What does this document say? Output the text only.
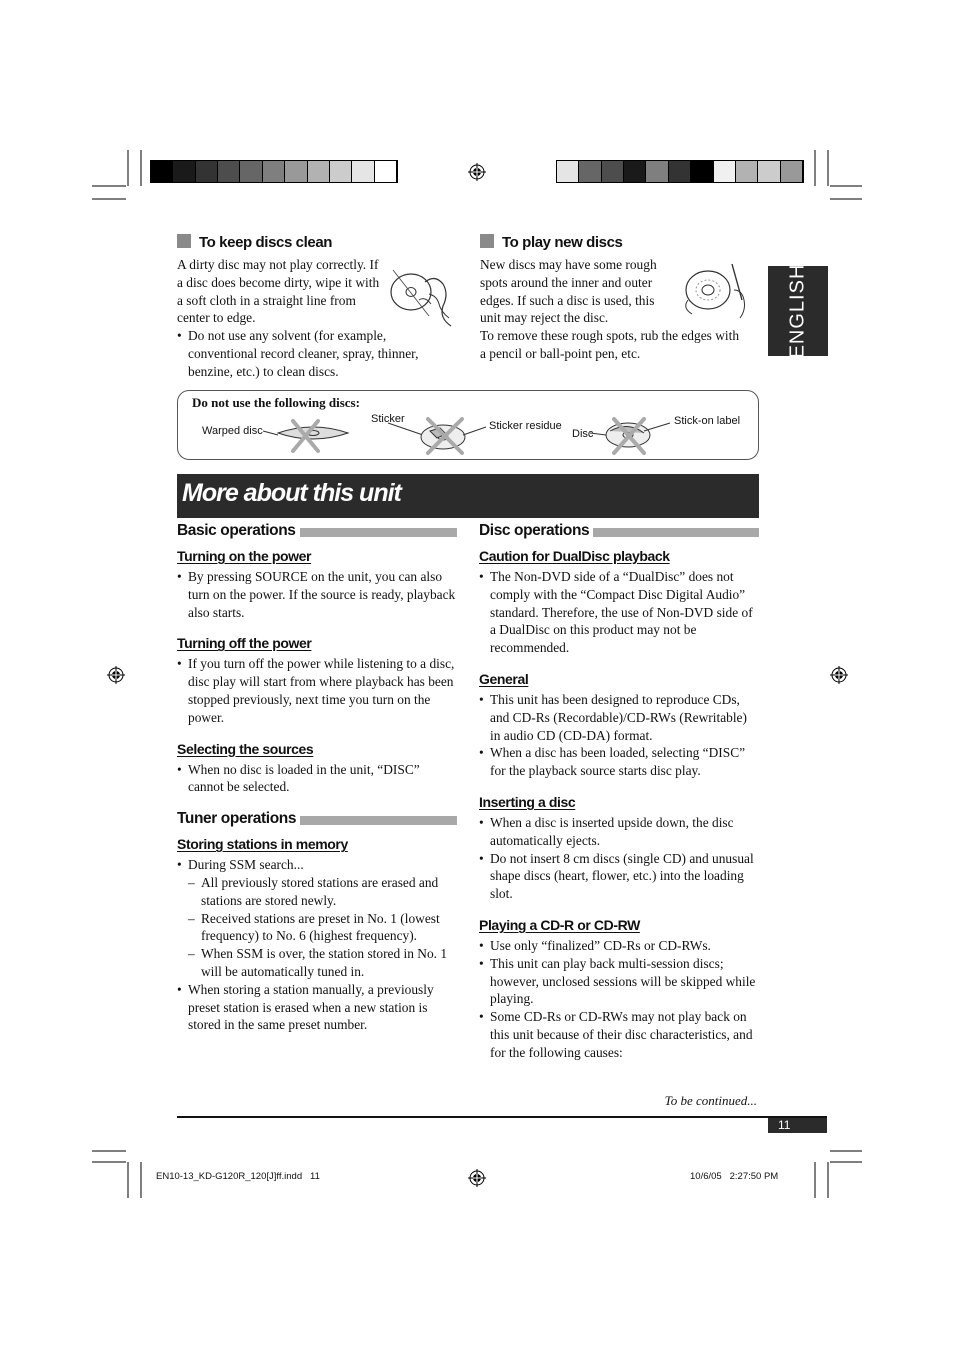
ENGLISH
To keep discs clean
A dirty disc may not play correctly. If a disc does become dirty, wipe it with a soft cloth in a straight line from center to edge.
• Do not use any solvent (for example, conventional record cleaner, spray, thinner, benzine, etc.) to clean discs.
To play new discs
New discs may have some rough spots around the inner and outer edges. If such a disc is used, this unit may reject the disc.
To remove these rough spots, rub the edges with a pencil or ball-point pen, etc.
Do not use the following discs:
Warped disc
Sticker
Sticker residue
Disc
Stick-on label
More about this unit
Basic operations
Turning on the power
• By pressing SOURCE on the unit, you can also turn on the power. If the source is ready, playback also starts.
Turning off the power
• If you turn off the power while listening to a disc, disc play will start from where playback has been stopped previously, next time you turn on the power.
Selecting the sources
• When no disc is loaded in the unit, “DISC” cannot be selected.
Tuner operations
Storing stations in memory
• During SSM search...
– All previously stored stations are erased and stations are stored newly.
– Received stations are preset in No. 1 (lowest frequency) to No. 6 (highest frequency).
– When SSM is over, the station stored in No. 1 will be automatically tuned in.
• When storing a station manually, a previously preset station is erased when a new station is stored in the same preset number.
Disc operations
Caution for DualDisc playback
• The Non-DVD side of a “DualDisc” does not comply with the “Compact Disc Digital Audio” standard. Therefore, the use of Non-DVD side of a DualDisc on this product may not be recommended.
General
• This unit has been designed to reproduce CDs, and CD-Rs (Recordable)/CD-RWs (Rewritable) in audio CD (CD-DA) format.
• When a disc has been loaded, selecting “DISC” for the playback source starts disc play.
Inserting a disc
• When a disc is inserted upside down, the disc automatically ejects.
• Do not insert 8 cm discs (single CD) and unusual shape discs (heart, flower, etc.) into the loading slot.
Playing a CD-R or CD-RW
• Use only “finalized” CD-Rs or CD-RWs.
• This unit can play back multi-session discs; however, unclosed sessions will be skipped while playing.
• Some CD-Rs or CD-RWs may not play back on this unit because of their disc characteristics, and for the following causes:
To be continued...
11
EN10-13_KD-G120R_120[J]ff.indd   11	10/6/05   2:27:50 PM
